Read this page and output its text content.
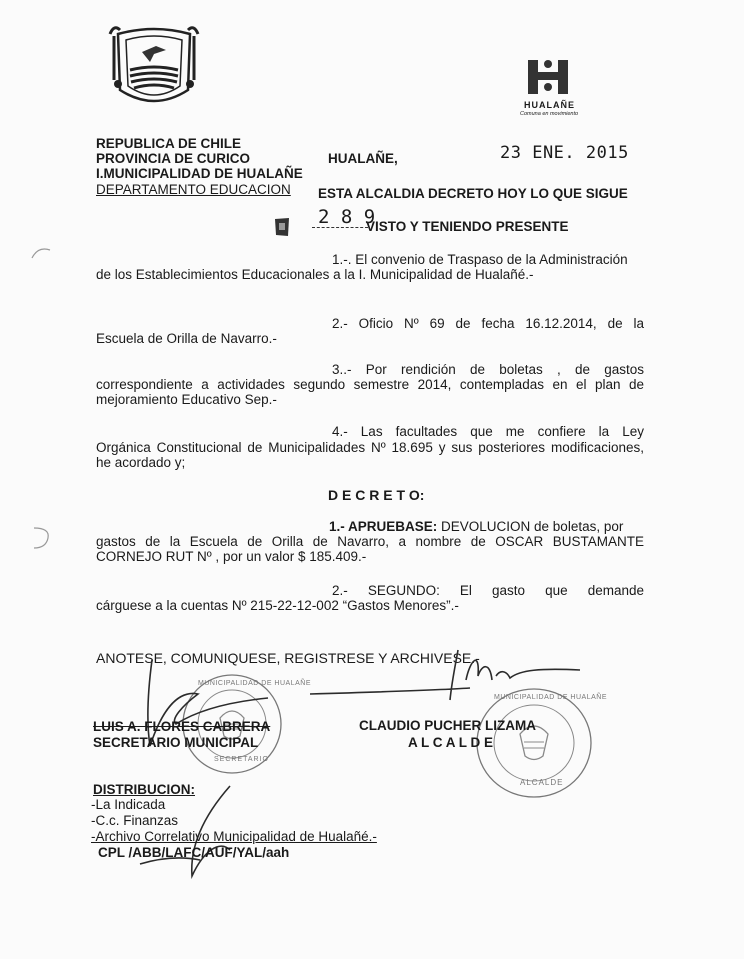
HUALAÑE
Comuna en movimiento
REPUBLICA DE CHILE
PROVINCIA DE CURICO
I.MUNICIPALIDAD DE HUALAÑE
DEPARTAMENTO EDUCACION
HUALAÑE,	23 ENE. 2015
ESTA ALCALDIA DECRETO HOY LO QUE SIGUE
2 8 9
VISTO Y TENIENDO PRESENTE
1.-. El convenio de Traspaso de la Administración
de los Establecimientos Educacionales a la I. Municipalidad de Hualañé.-
2.- Oficio Nº 69 de fecha 16.12.2014, de la
Escuela de Orilla de Navarro.-
3..- Por rendición de boletas , de gastos
correspondiente a actividades segundo semestre 2014, contempladas en el plan de
mejoramiento Educativo Sep.-
4.- Las facultades que me confiere la Ley
Orgánica Constitucional de Municipalidades Nº 18.695 y sus posteriores modificaciones,
he acordado y;
D E C R E T O:
1.- APRUEBASE: DEVOLUCION de boletas, por
gastos de la Escuela de Orilla de Navarro, a nombre de OSCAR BUSTAMANTE
CORNEJO RUT Nº , por un valor $ 185.409.-
2.- SEGUNDO: El gasto que demande
cárguese a la cuentas Nº 215-22-12-002 “Gastos Menores”.-
ANOTESE, COMUNIQUESE, REGISTRESE Y ARCHIVESE.-
MUNICIPALIDAD DE HUALAÑE
SECRETARIO
MUNICIPALIDAD DE HUALAÑE
ALCALDE
LUIS A. FLORES CABRERA
SECRETARIO MUNICIPAL
CLAUDIO PUCHER LIZAMA
A L C A L D E
DISTRIBUCION:
-La Indicada
-C.c. Finanzas
-Archivo Correlativo Municipalidad de Hualañé.-
CPL /ABB/LAFC/AUF/YAL/aah
